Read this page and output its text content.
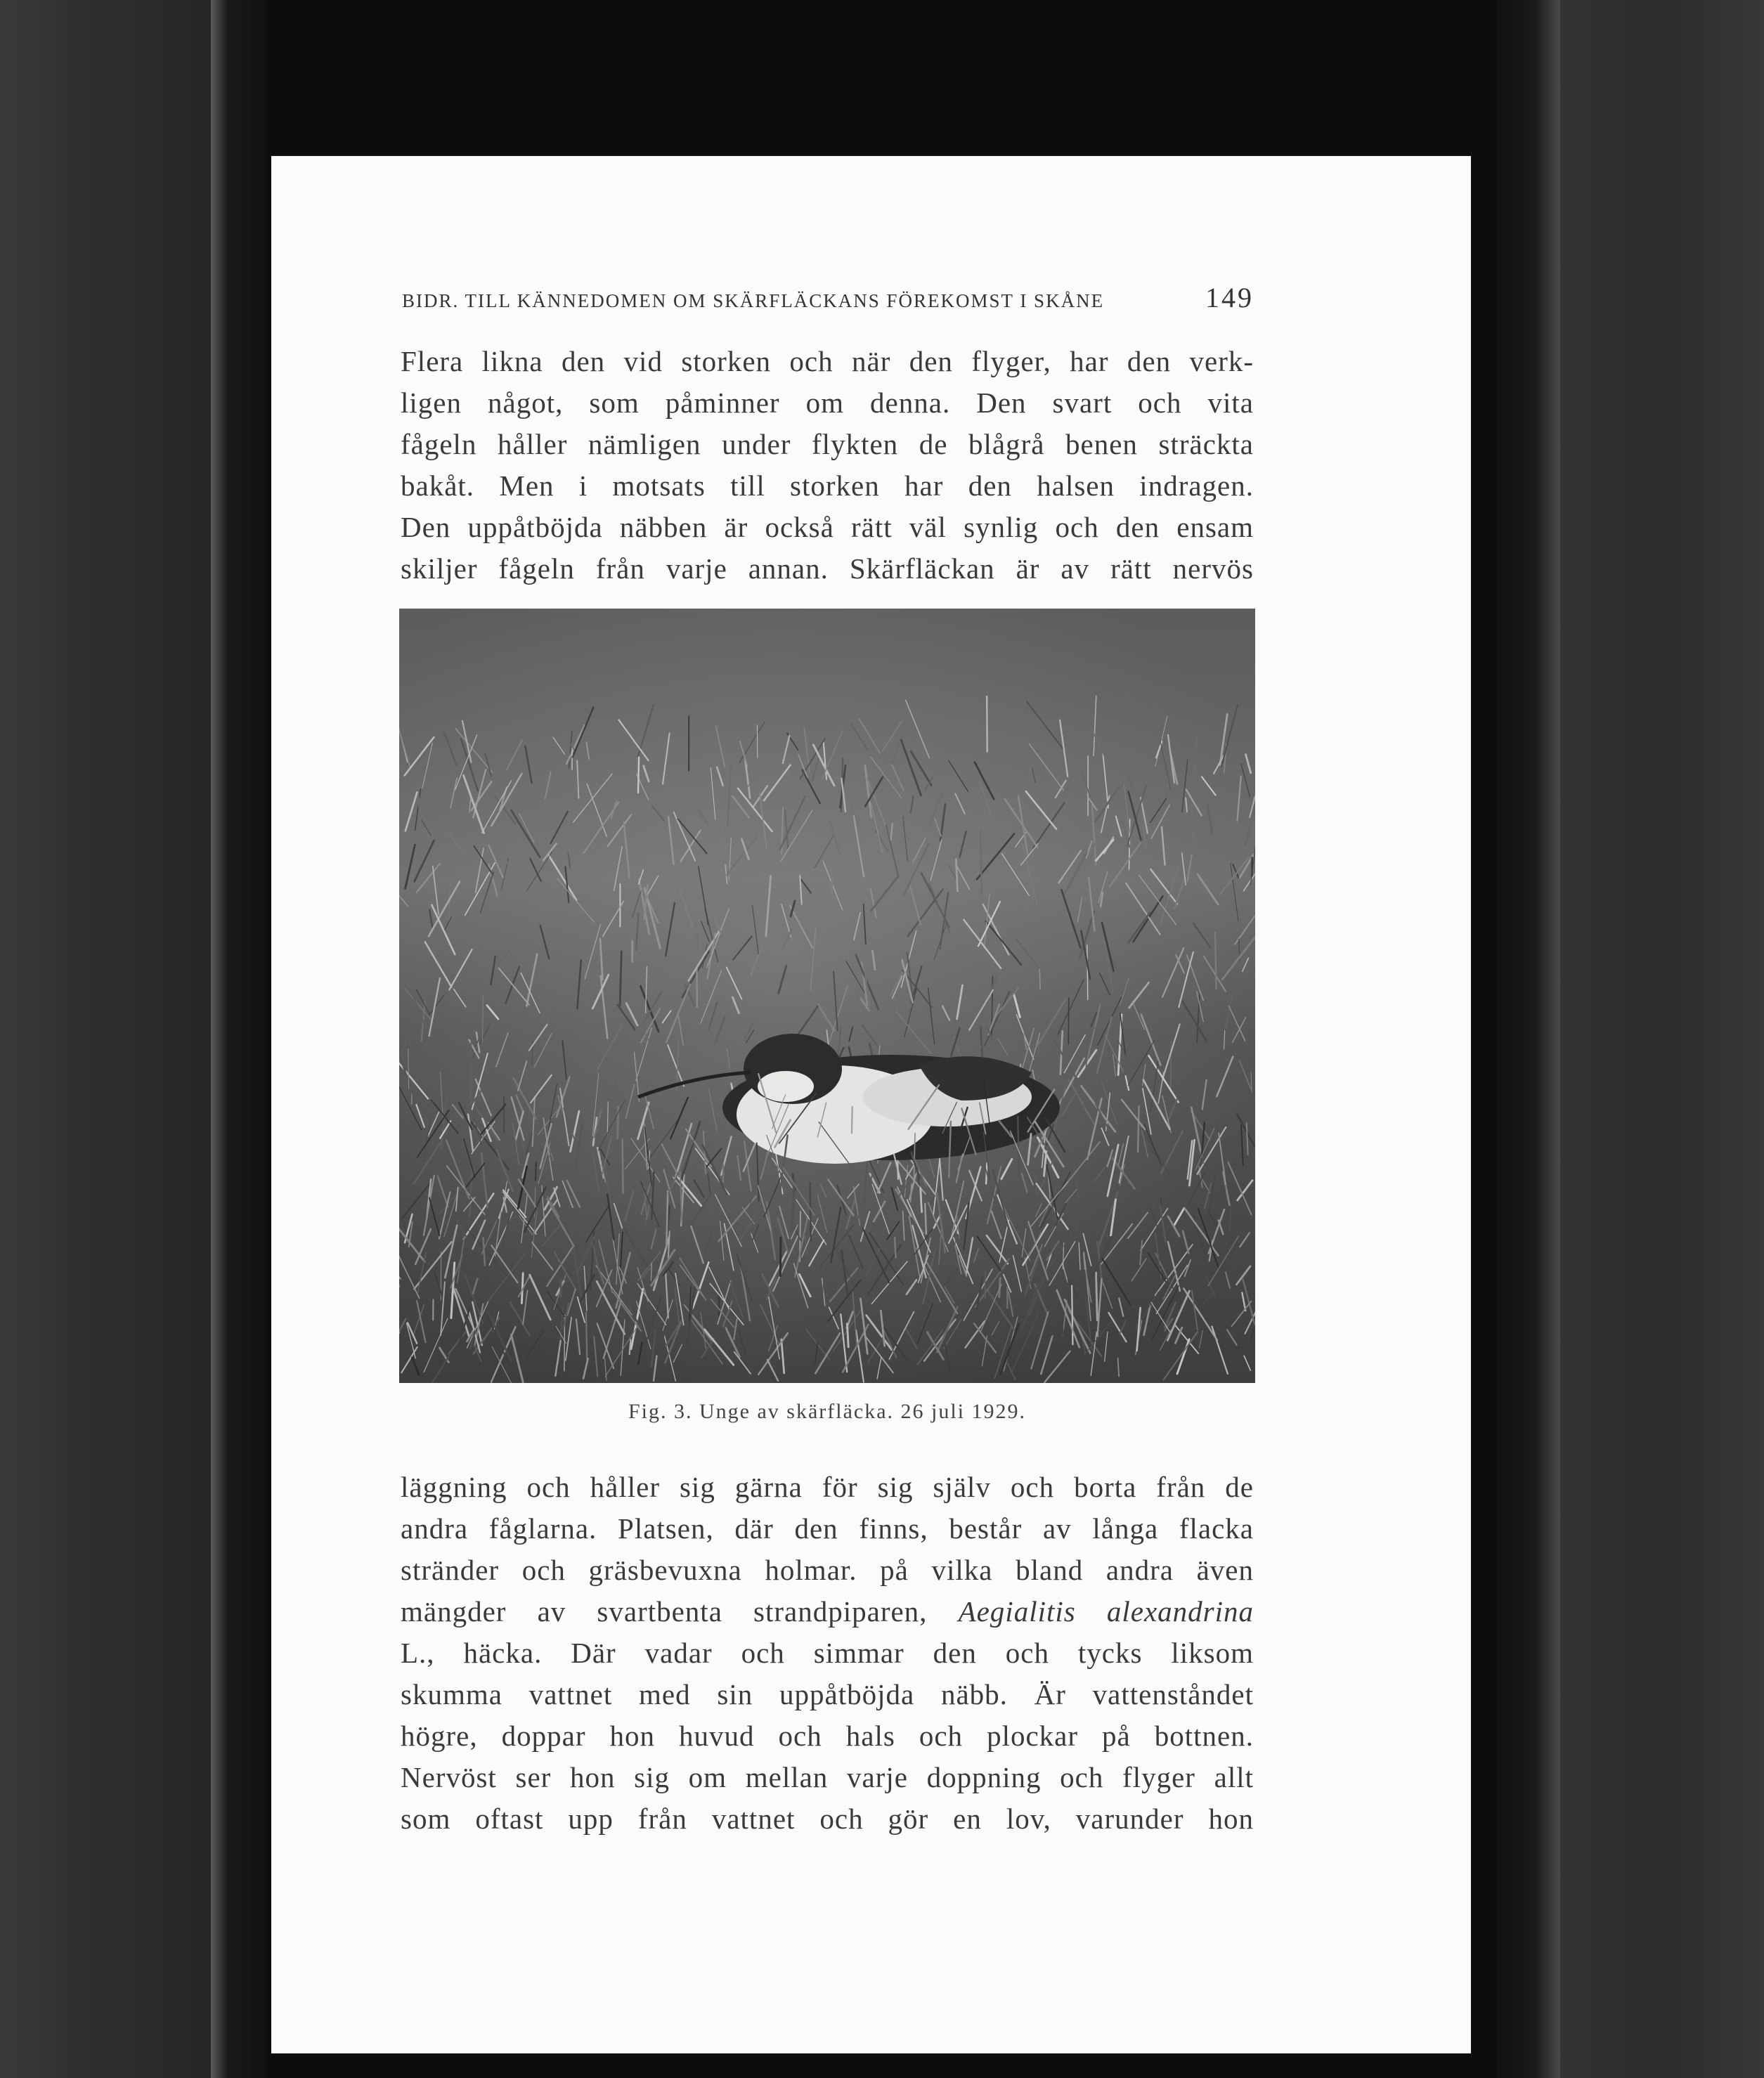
BIDR. TILL KÄNNEDOMEN OM SKÄRFLÄCKANS FÖREKOMST I SKÅNE	149
Flera likna den vid storken och när den flyger, har den verk-
ligen något, som påminner om denna. Den svart och vita
fågeln håller nämligen under flykten de blågrå benen sträckta
bakåt. Men i motsats till storken har den halsen indragen.
Den uppåtböjda näbben är också rätt väl synlig och den ensam
skiljer fågeln från varje annan. Skärfläckan är av rätt nervös
Fig. 3. Unge av skärfläcka. 26 juli 1929.
läggning och håller sig gärna för sig själv och borta från de
andra fåglarna. Platsen, där den finns, består av långa flacka
stränder och gräsbevuxna holmar. på vilka bland andra även
mängder av svartbenta strandpiparen, Aegialitis alexandrina
L., häcka. Där vadar och simmar den och tycks liksom
skumma vattnet med sin uppåtböjda näbb. Är vattenståndet
högre, doppar hon huvud och hals och plockar på bottnen.
Nervöst ser hon sig om mellan varje doppning och flyger allt
som oftast upp från vattnet och gör en lov, varunder hon
